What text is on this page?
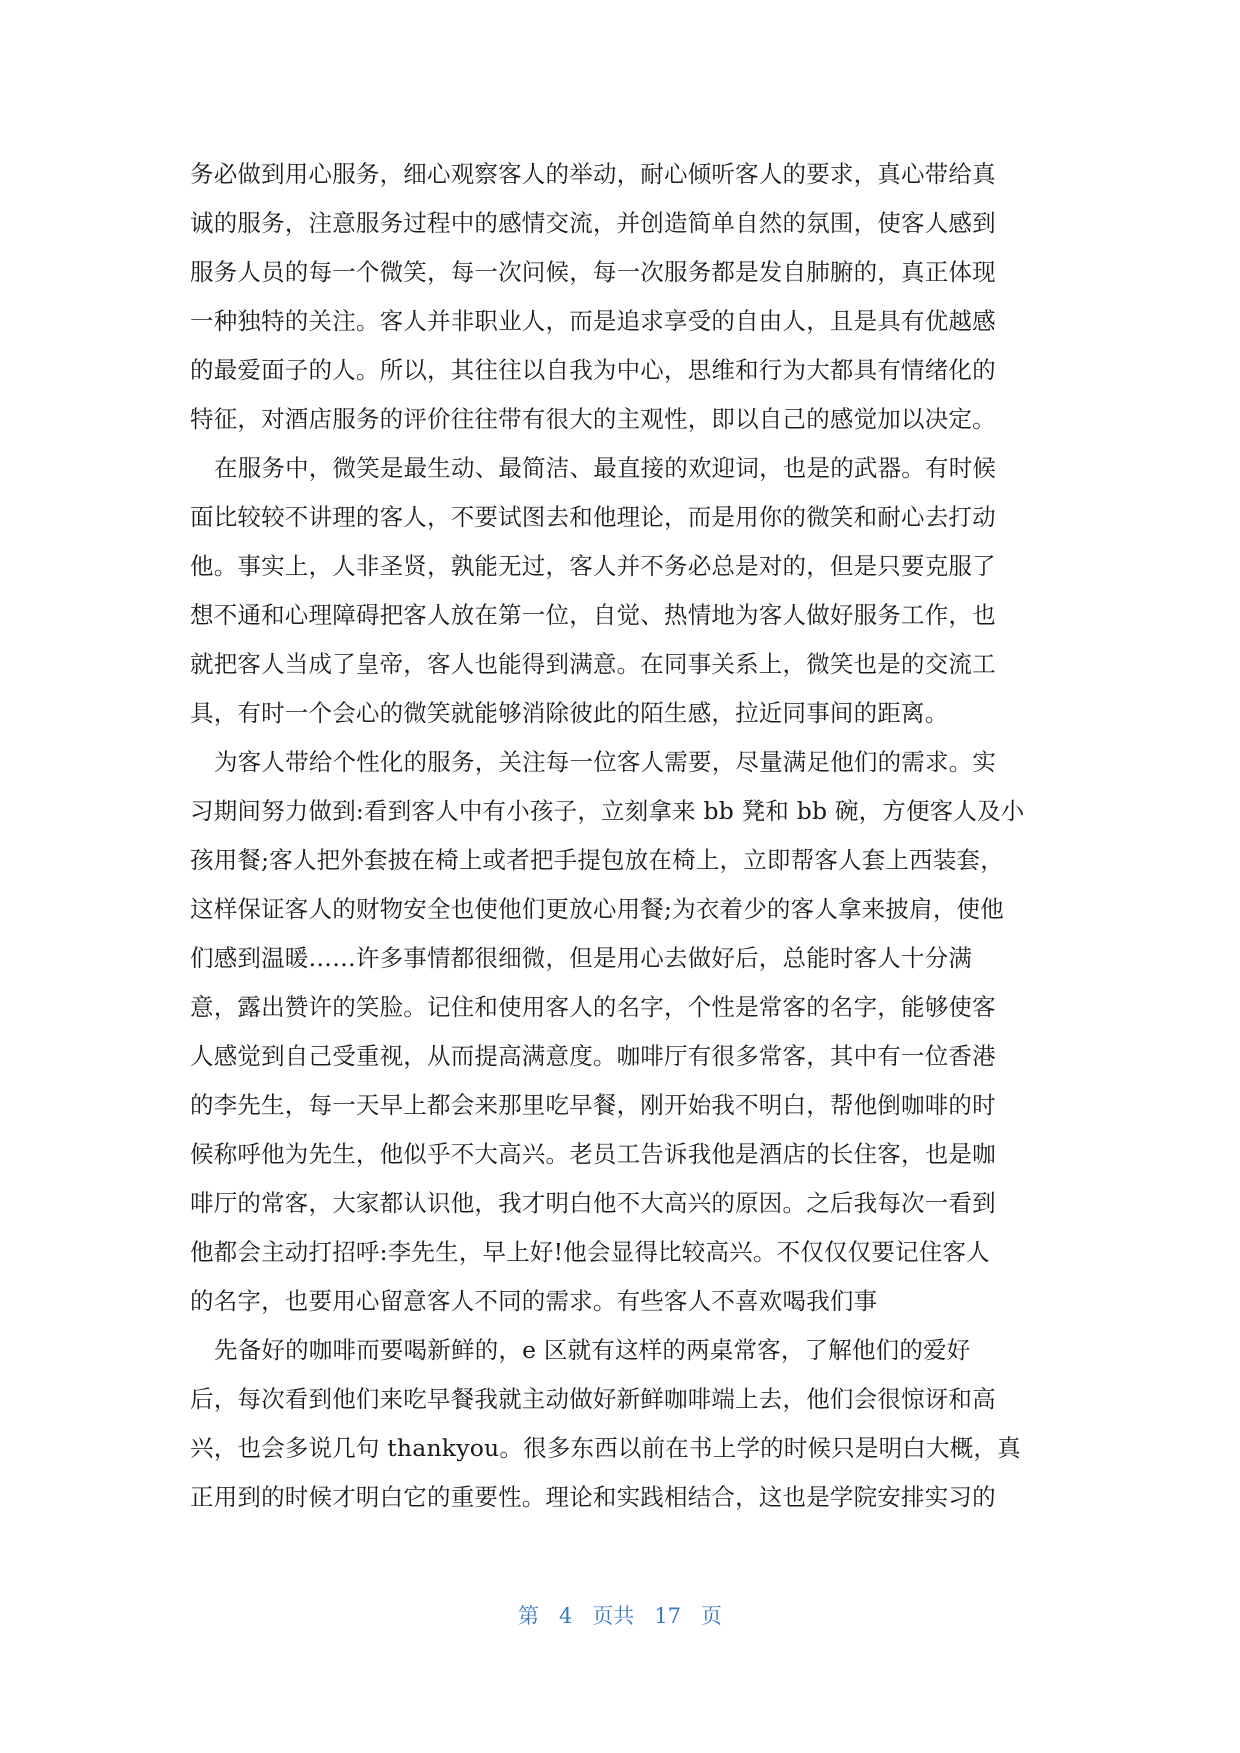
务必做到用心服务，细心观察客人的举动，耐心倾听客人的要求，真心带给真
诚的服务，注意服务过程中的感情交流，并创造简单自然的氛围，使客人感到
服务人员的每一个微笑，每一次问候，每一次服务都是发自肺腑的，真正体现
一种独特的关注。客人并非职业人，而是追求享受的自由人，且是具有优越感
的最爱面子的人。所以，其往往以自我为中心，思维和行为大都具有情绪化的
特征，对酒店服务的评价往往带有很大的主观性，即以自己的感觉加以决定。
在服务中，微笑是最生动、最简洁、最直接的欢迎词，也是的武器。有时候
面比较较不讲理的客人，不要试图去和他理论，而是用你的微笑和耐心去打动
他。事实上，人非圣贤，孰能无过，客人并不务必总是对的，但是只要克服了
想不通和心理障碍把客人放在第一位，自觉、热情地为客人做好服务工作，也
就把客人当成了皇帝，客人也能得到满意。在同事关系上，微笑也是的交流工
具，有时一个会心的微笑就能够消除彼此的陌生感，拉近同事间的距离。
为客人带给个性化的服务，关注每一位客人需要，尽量满足他们的需求。实
习期间努力做到:看到客人中有小孩子，立刻拿来 bb 凳和 bb 碗，方便客人及小
孩用餐;客人把外套披在椅上或者把手提包放在椅上，立即帮客人套上西装套，
这样保证客人的财物安全也使他们更放心用餐;为衣着少的客人拿来披肩，使他
们感到温暖……许多事情都很细微，但是用心去做好后，总能时客人十分满
意，露出赞许的笑脸。记住和使用客人的名字，个性是常客的名字，能够使客
人感觉到自己受重视，从而提高满意度。咖啡厅有很多常客，其中有一位香港
的李先生，每一天早上都会来那里吃早餐，刚开始我不明白，帮他倒咖啡的时
候称呼他为先生，他似乎不大高兴。老员工告诉我他是酒店的长住客，也是咖
啡厅的常客，大家都认识他，我才明白他不大高兴的原因。之后我每次一看到
他都会主动打招呼:李先生，早上好!他会显得比较高兴。不仅仅仅要记住客人
的名字，也要用心留意客人不同的需求。有些客人不喜欢喝我们事
先备好的咖啡而要喝新鲜的，e 区就有这样的两桌常客，了解他们的爱好
后，每次看到他们来吃早餐我就主动做好新鲜咖啡端上去，他们会很惊讶和高
兴，也会多说几句 thankyou。很多东西以前在书上学的时候只是明白大概，真
正用到的时候才明白它的重要性。理论和实践相结合，这也是学院安排实习的
第 4 页共 17 页
